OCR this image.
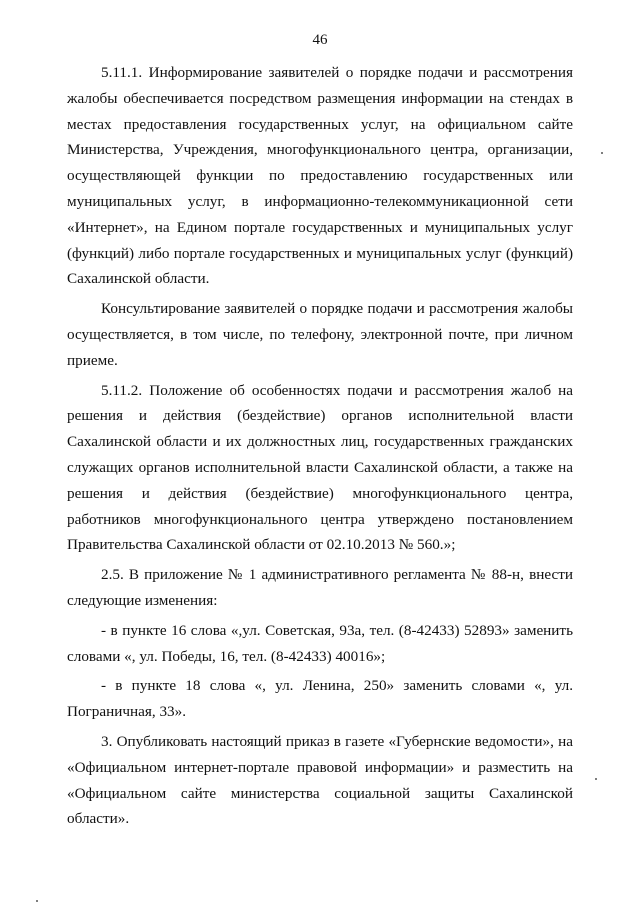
46

5.11.1. Информирование заявителей о порядке подачи и рассмотрения жалобы обеспечивается посредством размещения информации на стендах в местах предоставления государственных услуг, на официальном сайте Министерства, Учреждения, многофункционального центра, организации, осуществляющей функции по предоставлению государственных или муниципальных услуг, в информационно-телекоммуникационной сети «Интернет», на Едином портале государственных и муниципальных услуг (функций) либо портале государственных и муниципальных услуг (функций) Сахалинской области.

Консультирование заявителей о порядке подачи и рассмотрения жалобы осуществляется, в том числе, по телефону, электронной почте, при личном приеме.

5.11.2. Положение об особенностях подачи и рассмотрения жалоб на решения и действия (бездействие) органов исполнительной власти Сахалинской области и их должностных лиц, государственных гражданских служащих органов исполнительной власти Сахалинской области, а также на решения и действия (бездействие) многофункционального центра, работников многофункционального центра утверждено постановлением Правительства Сахалинской области от 02.10.2013 № 560.»;

2.5. В приложение № 1 административного регламента № 88-н, внести следующие изменения:

- в пункте 16 слова «,ул. Советская, 93а, тел. (8-42433) 52893» заменить словами «, ул. Победы, 16, тел. (8-42433) 40016»;

- в пункте 18 слова «, ул. Ленина, 250» заменить словами «, ул. Пограничная, 33».

3. Опубликовать настоящий приказ в газете «Губернские ведомости», на «Официальном интернет-портале правовой информации» и разместить на «Официальном сайте министерства социальной защиты Сахалинской области».
